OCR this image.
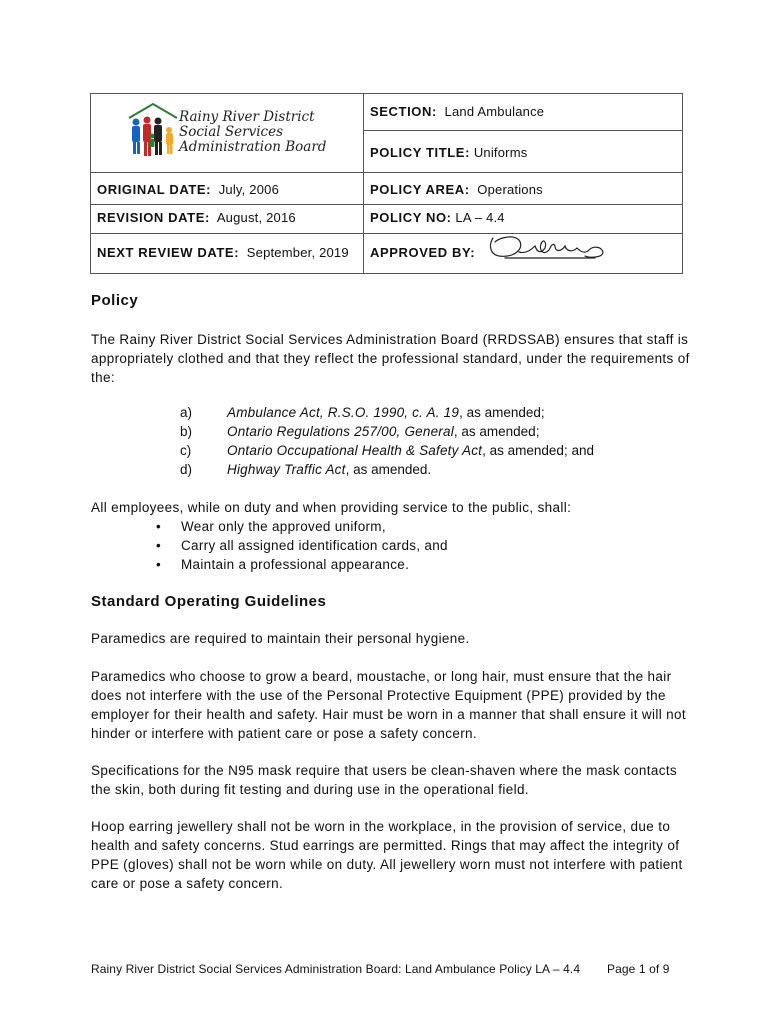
Rainy River District
Social Services
Administration Board
SECTION: Land Ambulance
POLICY TITLE: Uniforms
ORIGINAL DATE: July, 2006	POLICY AREA: Operations
REVISION DATE: August, 2016	POLICY NO: LA – 4.4
NEXT REVIEW DATE: September, 2019 APPROVED BY:
Policy
The Rainy River District Social Services Administration Board (RRDSSAB) ensures that staff is appropriately clothed and that they reflect the professional standard, under the requirements of the:
a)	Ambulance Act, R.S.O. 1990, c. A. 19, as amended;
b)	Ontario Regulations 257/00, General, as amended;
c)	Ontario Occupational Health & Safety Act, as amended; and
d)	Highway Traffic Act, as amended.
All employees, while on duty and when providing service to the public, shall:
•	Wear only the approved uniform,
•	Carry all assigned identification cards, and
•	Maintain a professional appearance.
Standard Operating Guidelines
Paramedics are required to maintain their personal hygiene.
Paramedics who choose to grow a beard, moustache, or long hair, must ensure that the hair does not interfere with the use of the Personal Protective Equipment (PPE) provided by the employer for their health and safety. Hair must be worn in a manner that shall ensure it will not hinder or interfere with patient care or pose a safety concern.
Specifications for the N95 mask require that users be clean-shaven where the mask contacts the skin, both during fit testing and during use in the operational field.
Hoop earring jewellery shall not be worn in the workplace, in the provision of service, due to health and safety concerns. Stud earrings are permitted. Rings that may affect the integrity of PPE (gloves) shall not be worn while on duty. All jewellery worn must not interfere with patient care or pose a safety concern.
Rainy River District Social Services Administration Board: Land Ambulance Policy LA – 4.4 Page 1 of 9
